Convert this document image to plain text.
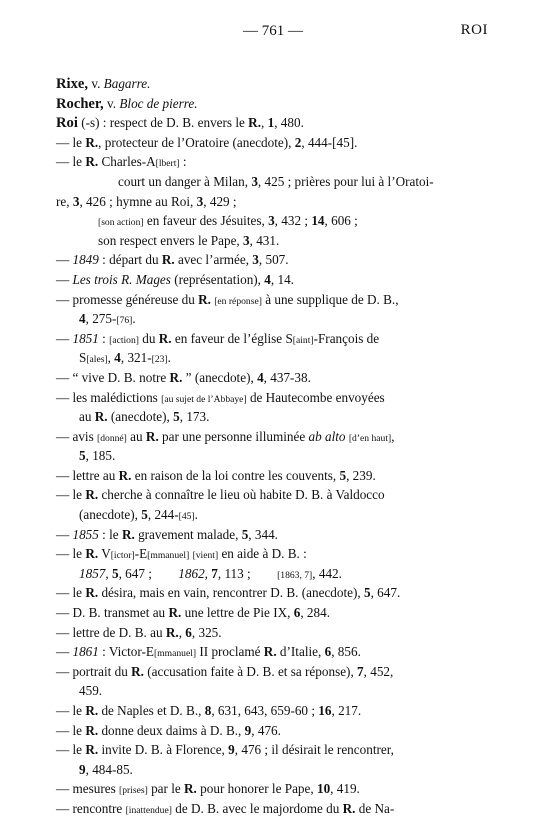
— 761 —	ROI
Rixe, v. Bagarre.
Rocher, v. Bloc de pierre.
Roi (-s) : respect de D. B. envers le R., 1, 480.
— le R., protecteur de l’Oratoire (anecdote), 2, 444-[45].
— le R. Charles-A[lbert] :
court un danger à Milan, 3, 425 ; prières pour lui à l’Oratoi-
re, 3, 426 ; hymne au Roi, 3, 429 ;
[son action] en faveur des Jésuites, 3, 432 ; 14, 606 ;
son respect envers le Pape, 3, 431.
— 1849 : départ du R. avec l’armée, 3, 507.
— Les trois R. Mages (représentation), 4, 14.
— promesse généreuse du R. [en réponse] à une supplique de D. B.,
4, 275-[76].
— 1851 : [action] du R. en faveur de l’église S[aint]-François de
S[ales], 4, 321-[23].
— “ vive D. B. notre R. ” (anecdote), 4, 437-38.
— les malédictions [au sujet de l’Abbaye] de Hautecombe envoyées
au R. (anecdote), 5, 173.
— avis [donné] au R. par une personne illuminée ab alto [d’en haut],
5, 185.
— lettre au R. en raison de la loi contre les couvents, 5, 239.
— le R. cherche à connaître le lieu où habite D. B. à Valdocco
(anecdote), 5, 244-[45].
— 1855 : le R. gravement malade, 5, 344.
— le R. V[ictor]-E[mmanuel] [vient] en aide à D. B. :
1857, 5, 647 ;        1862, 7, 113 ;        [1863, 7], 442.
— le R. désira, mais en vain, rencontrer D. B. (anecdote), 5, 647.
— D. B. transmet au R. une lettre de Pie IX, 6, 284.
— lettre de D. B. au R., 6, 325.
— 1861 : Victor-E[mmanuel] II proclamé R. d’Italie, 6, 856.
— portrait du R. (accusation faite à D. B. et sa réponse), 7, 452,
459.
— le R. de Naples et D. B., 8, 631, 643, 659-60 ; 16, 217.
— le R. donne deux daims à D. B., 9, 476.
— le R. invite D. B. à Florence, 9, 476 ; il désirait le rencontrer,
9, 484-85.
— mesures [prises] par le R. pour honorer le Pape, 10, 419.
— rencontre [inattendue] de D. B. avec le majordome du R. de Na-
